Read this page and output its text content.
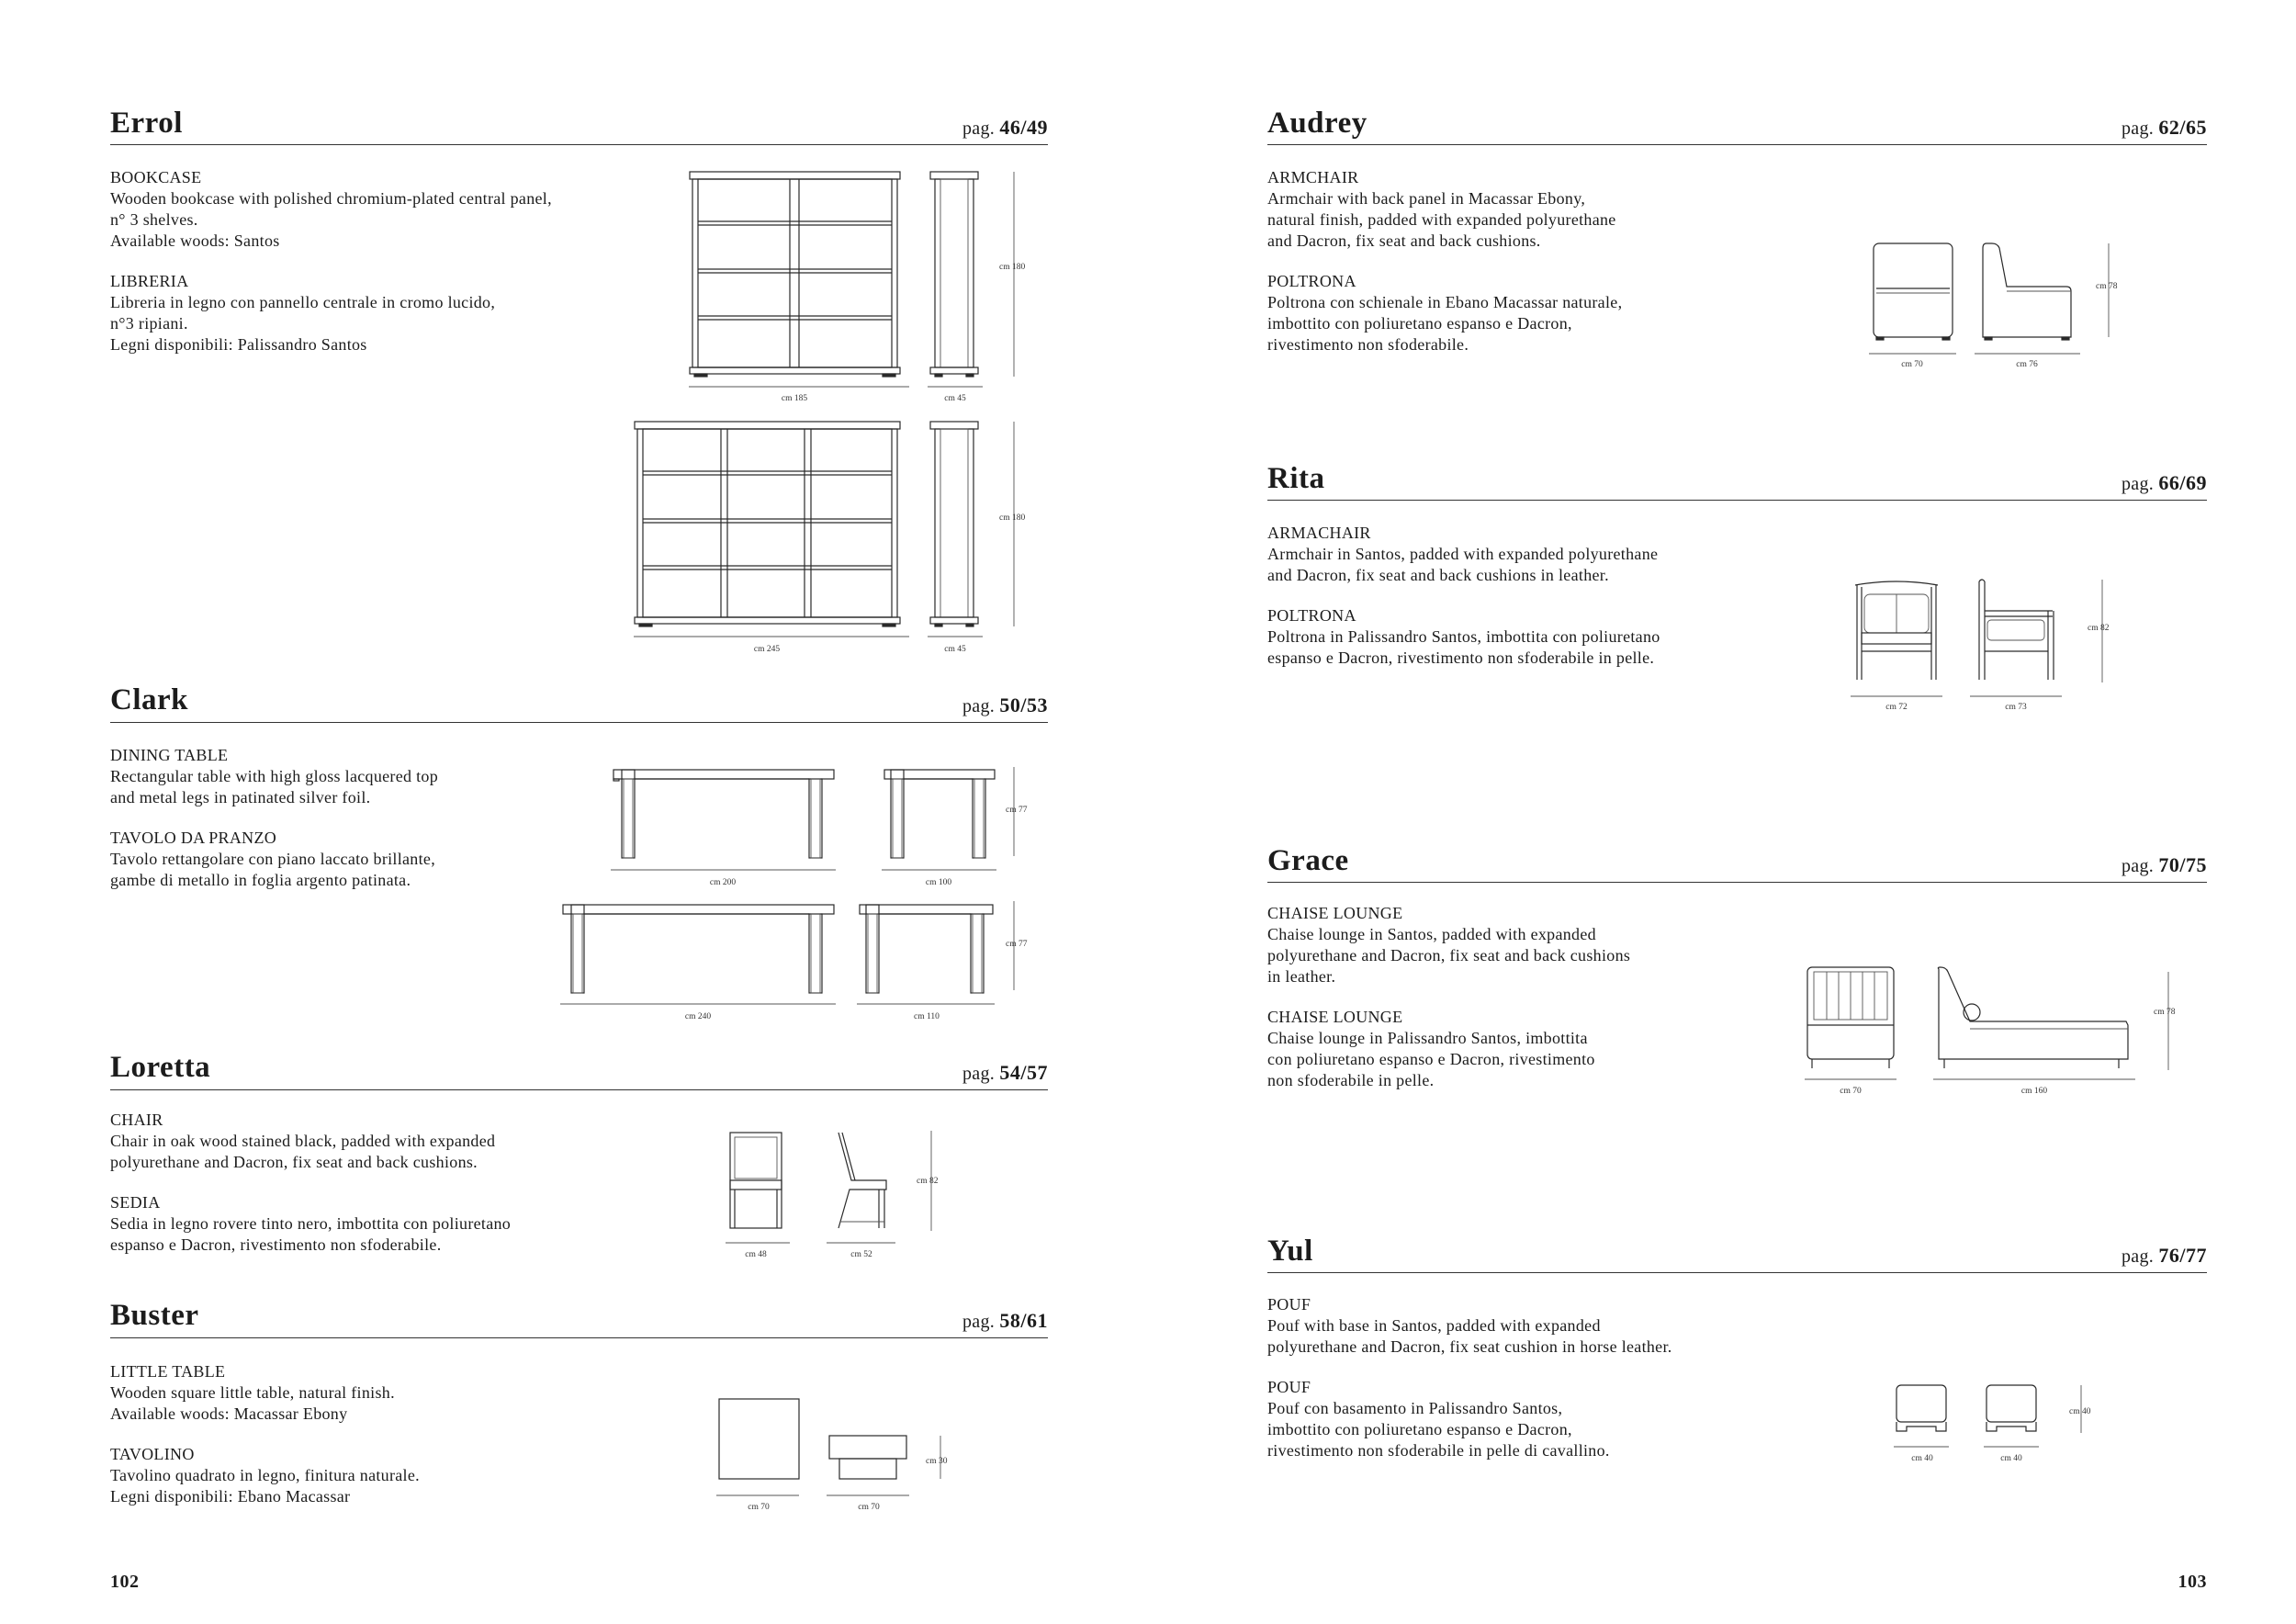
Errol	pag. 46/49
BOOKCASE
Wooden bookcase with polished chromium-plated central panel,
n° 3 shelves.
Available woods: Santos
LIBRERIA
Libreria in legno con pannello centrale in cromo lucido,
n°3 ripiani.
Legni disponibili: Palissandro Santos
cm 185	cm 45
cm 180
cm 245	cm 45
cm 180
Clark	pag. 50/53
DINING TABLE
Rectangular table with high gloss lacquered top
and metal legs in patinated silver foil.
TAVOLO DA PRANZO
Tavolo rettangolare con piano laccato brillante,
gambe di metallo in foglia argento patinata.	cm 200	cm 100
cm 77
cm 240	cm 110
cm 77
Loretta	pag. 54/57
CHAIR
Chair in oak wood stained black, padded with expanded
polyurethane and Dacron, fix seat and back cushions.
SEDIA
Sedia in legno rovere tinto nero, imbottita con poliuretano
espanso e Dacron, rivestimento non sfoderabile.
cm 48	cm 52
cm 82
Buster	pag. 58/61
LITTLE TABLE
Wooden square little table, natural finish.
Available woods: Macassar Ebony
TAVOLINO
Tavolino quadrato in legno, finitura naturale.
Legni disponibili: Ebano Macassar
cm 70	cm 70
cm 30
102
Audrey	pag. 62/65
ARMCHAIR
Armchair with back panel in Macassar Ebony,
natural finish, padded with expanded polyurethane
and Dacron, fix seat and back cushions.
POLTRONA
Poltrona con schienale in Ebano Macassar naturale,
imbottito con poliuretano espanso e Dacron,
rivestimento non sfoderabile.
cm 70	cm 76
cm 78
Rita	pag. 66/69
ARMACHAIR
Armchair in Santos, padded with expanded polyurethane
and Dacron, fix seat and back cushions in leather.
POLTRONA
Poltrona in Palissandro Santos, imbottita con poliuretano
espanso e Dacron, rivestimento non sfoderabile in pelle.
cm 72	cm 73
cm 82
Grace	pag. 70/75
CHAISE LOUNGE
Chaise lounge in Santos, padded with expanded
polyurethane and Dacron, fix seat and back cushions
in leather.
CHAISE LOUNGE
Chaise lounge in Palissandro Santos, imbottita
con poliuretano espanso e Dacron, rivestimento
non sfoderabile in pelle.
cm 70	cm 160
cm 78
Yul	pag. 76/77
POUF
Pouf with base in Santos, padded with expanded
polyurethane and Dacron, fix seat cushion in horse leather.
POUF
Pouf con basamento in Palissandro Santos,
imbottito con poliuretano espanso e Dacron,
rivestimento non sfoderabile in pelle di cavallino.	cm 40	cm 40
cm 40
103
